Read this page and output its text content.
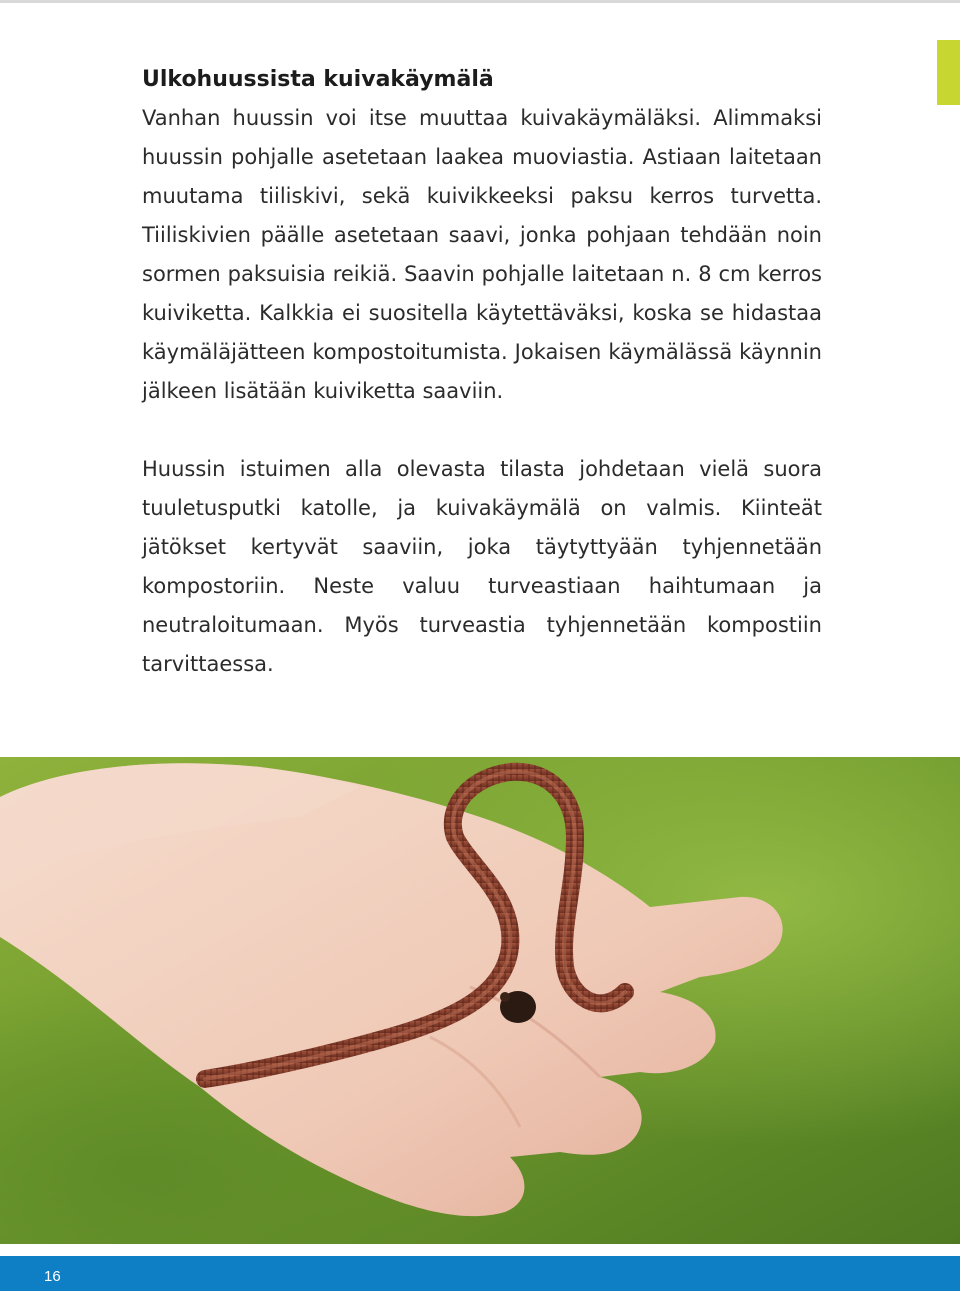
Ulkohuussista kuivakäymälä

Vanhan huussin voi itse muuttaa kuivakäymäläksi. Alimmaksi huussin pohjalle asetetaan laakea muoviastia. Astiaan laitetaan muutama tiiliskivi, sekä kuivikkeeksi paksu kerros turvetta. Tiiliskivien päälle asetetaan saavi, jonka pohjaan tehdään noin sormen paksuisia reikiä. Saavin pohjalle laitetaan n. 8 cm kerros kuiviketta. Kalkkia ei suositella käytettäväksi, koska se hidastaa käymäläjätteen kompostoitumista. Jokaisen käymälässä käynnin jälkeen lisätään kuiviketta saaviin.

Huussin istuimen alla olevasta tilasta johdetaan vielä suora tuuletusputki katolle, ja kuivakäymälä on valmis. Kiinteät jätökset kertyvät saaviin, joka täytyttyään tyhjennetään kompostoriin. Neste valuu turveastiaan haihtumaan ja neutraloitumaan. Myös turveastia tyhjennetään kompostiin tarvittaessa.

16
